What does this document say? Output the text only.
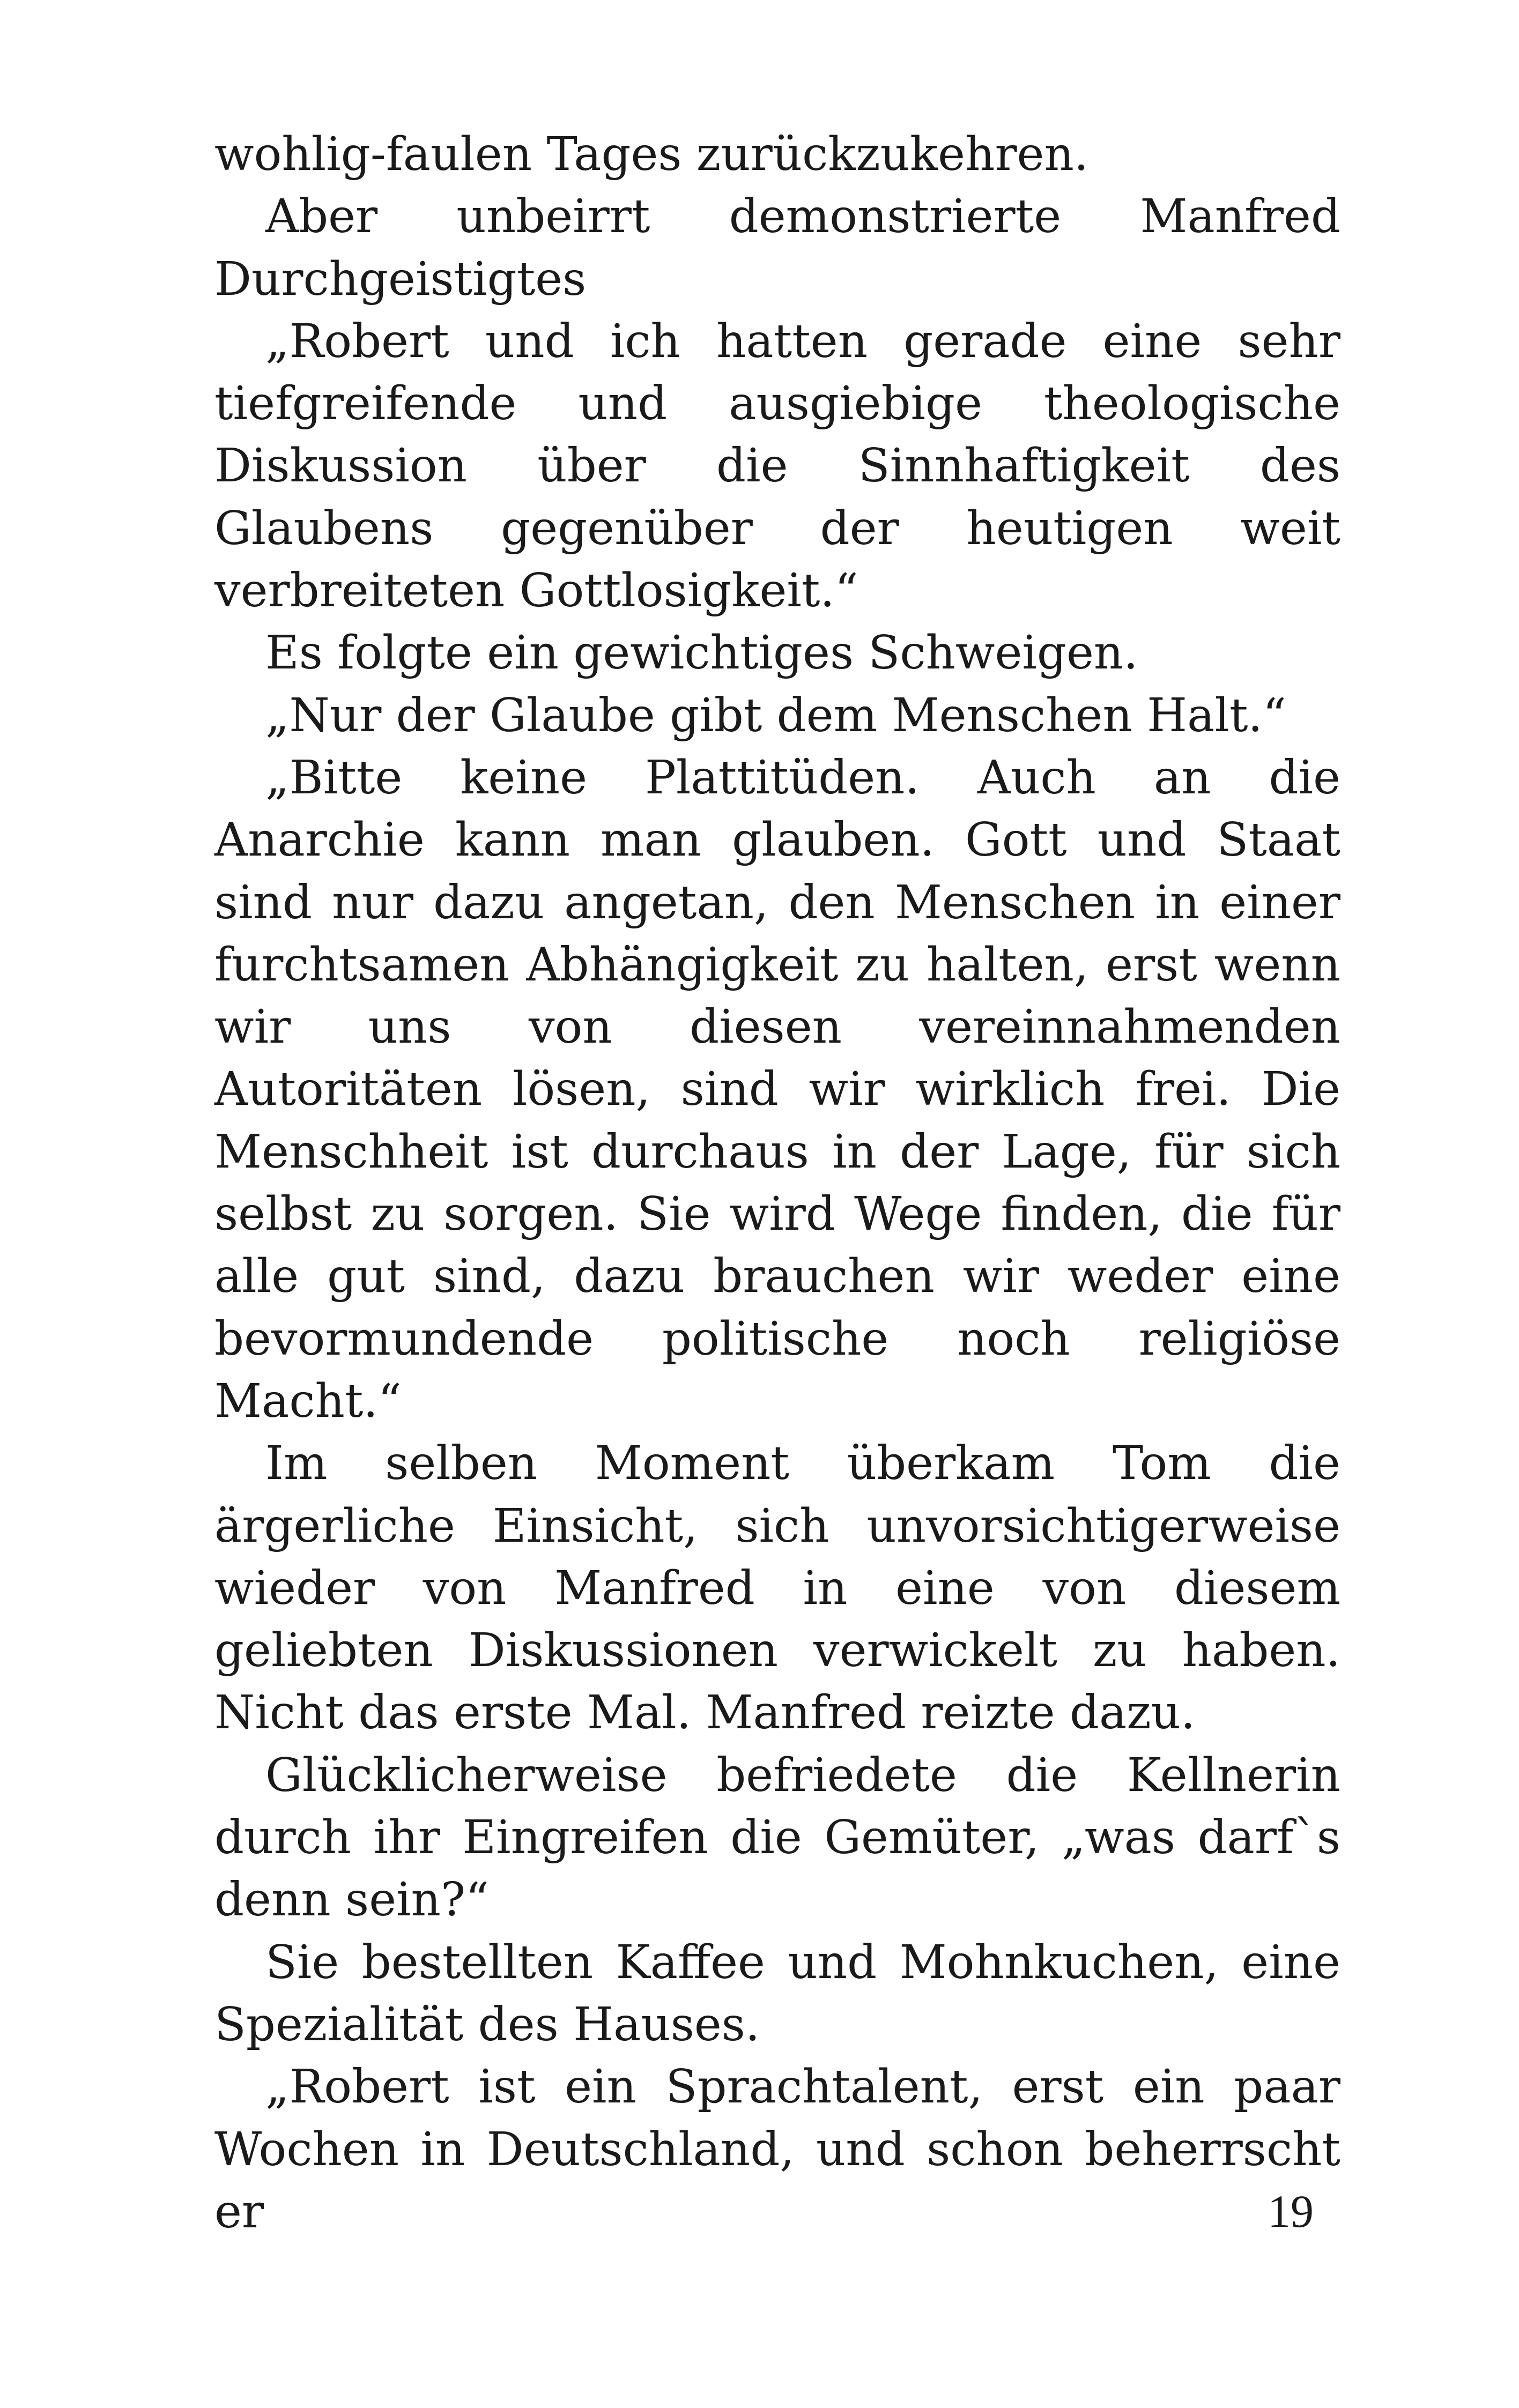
wohlig-faulen Tages zurückzukehren.

Aber unbeirrt demonstrierte Manfred Durchgeistigtes

„Robert und ich hatten gerade eine sehr tiefgreifende und ausgiebige theologische Diskussion über die Sinnhaftigkeit des Glaubens gegenüber der heutigen weit verbreiteten Gottlosigkeit.“

Es folgte ein gewichtiges Schweigen.

„Nur der Glaube gibt dem Menschen Halt.“

„Bitte keine Plattitüden. Auch an die Anarchie kann man glauben. Gott und Staat sind nur dazu angetan, den Menschen in einer furchtsamen Abhängigkeit zu halten, erst wenn wir uns von diesen vereinnahmenden Autoritäten lösen, sind wir wirklich frei. Die Menschheit ist durchaus in der Lage, für sich selbst zu sorgen. Sie wird Wege finden, die für alle gut sind, dazu brauchen wir weder eine bevormundende politische noch religiöse Macht.“

Im selben Moment überkam Tom die ärgerliche Einsicht, sich unvorsichtigerweise wieder von Manfred in eine von diesem geliebten Diskussionen verwickelt zu haben. Nicht das erste Mal. Manfred reizte dazu.

Glücklicherweise befriedete die Kellnerin durch ihr Eingreifen die Gemüter, „was darf`s denn sein?“

Sie bestellten Kaffee und Mohnkuchen, eine Spezialität des Hauses.

„Robert ist ein Sprachtalent, erst ein paar Wochen in Deutschland, und schon beherrscht er	19
